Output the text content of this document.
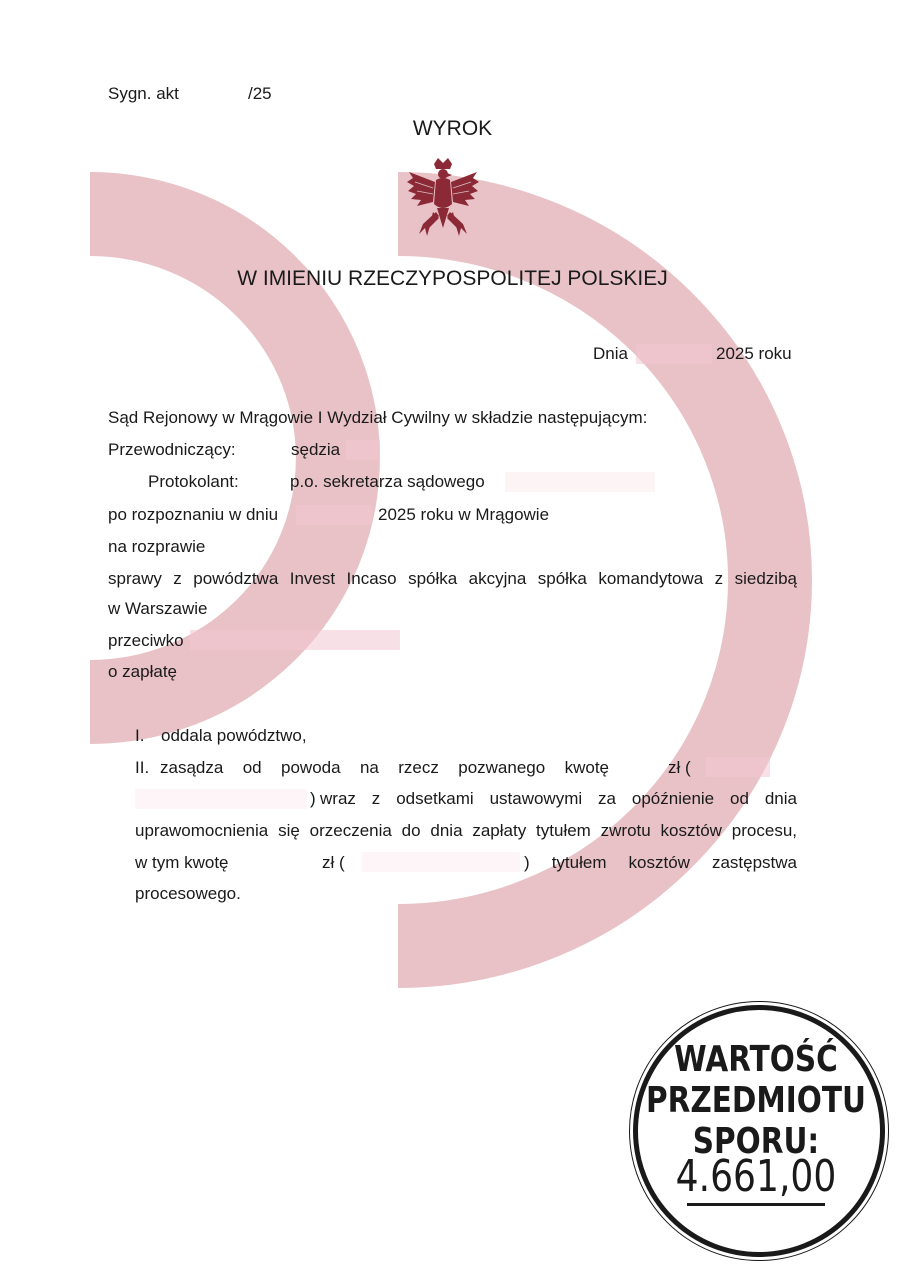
Sygn. akt	/25
WYROK
W IMIENIU RZECZYPOSPOLITEJ POLSKIEJ
Dnia	2025 roku
Sąd Rejonowy w Mrągowie I Wydział Cywilny w składzie następującym:
Przewodniczący:	sędzia
Protokolant:	p.o. sekretarza sądowego
po rozpoznaniu w dniu	2025 roku w Mrągowie
na rozprawie
sprawy z powództwa Invest Incaso spółka akcyjna spółka komandytowa z siedzibą
w Warszawie
przeciwko
o zapłatę
I. oddala powództwo,
II. zasądza od powoda na rzecz pozwanego kwotę	zł (
) wraz z odsetkami ustawowymi za opóźnienie od dnia
uprawomocnienia się orzeczenia do dnia zapłaty tytułem zwrotu kosztów procesu,
w tym kwotę	zł (	) tytułem kosztów zastępstwa
procesowego.
WARTOŚĆ
PRZEDMIOTU
SPORU:
4.661,00
